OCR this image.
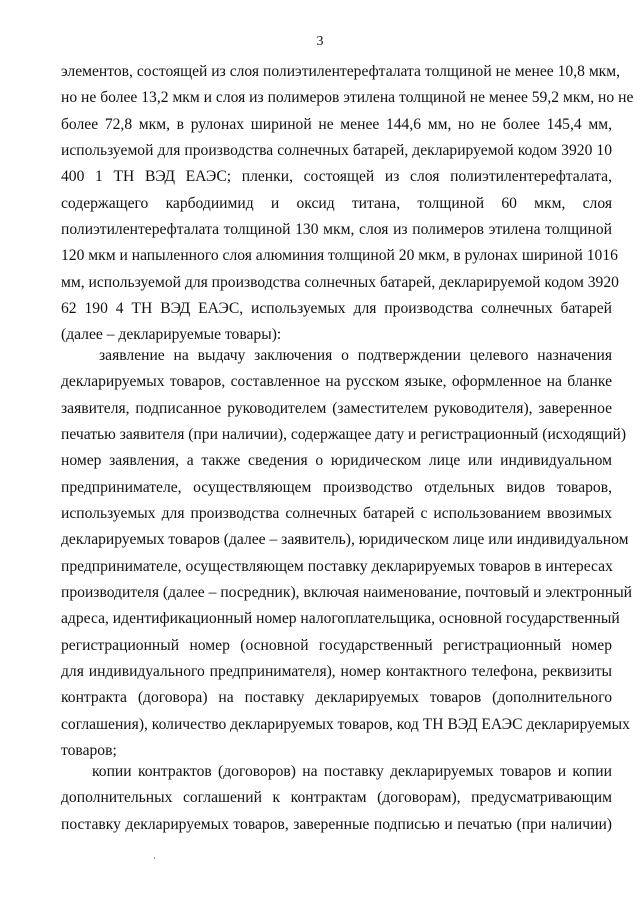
3
элементов, состоящей из слоя полиэтилентерефталата толщиной не менее 10,8 мкм,
но не более 13,2 мкм и слоя из полимеров этилена толщиной не менее 59,2 мкм, но не
более 72,8 мкм, в рулонах шириной не менее 144,6 мм, но не более 145,4 мм,
используемой для производства солнечных батарей, декларируемой кодом 3920 10
400 1 ТН ВЭД ЕАЭС; пленки, состоящей из слоя полиэтилентерефталата,
содержащего карбодиимид и оксид титана, толщиной 60 мкм, слоя
полиэтилентерефталата толщиной 130 мкм, слоя из полимеров этилена толщиной
120 мкм и напыленного слоя алюминия толщиной 20 мкм, в рулонах шириной 1016
мм, используемой для производства солнечных батарей, декларируемой кодом 3920
62 190 4 ТН ВЭД ЕАЭС, используемых для производства солнечных батарей
(далее – декларируемые товары):
заявление на выдачу заключения о подтверждении целевого назначения
декларируемых товаров, составленное на русском языке, оформленное на бланке
заявителя, подписанное руководителем (заместителем руководителя), заверенное
печатью заявителя (при наличии), содержащее дату и регистрационный (исходящий)
номер заявления, а также сведения о юридическом лице или индивидуальном
предпринимателе, осуществляющем производство отдельных видов товаров,
используемых для производства солнечных батарей с использованием ввозимых
декларируемых товаров (далее – заявитель), юридическом лице или индивидуальном
предпринимателе, осуществляющем поставку декларируемых товаров в интересах
производителя (далее – посредник), включая наименование, почтовый и электронный
адреса, идентификационный номер налогоплательщика, основной государственный
регистрационный номер (основной государственный регистрационный номер
для индивидуального предпринимателя), номер контактного телефона, реквизиты
контракта (договора) на поставку декларируемых товаров (дополнительного
соглашения), количество декларируемых товаров, код ТН ВЭД ЕАЭС декларируемых
товаров;
копии контрактов (договоров) на поставку декларируемых товаров и копии
дополнительных соглашений к контрактам (договорам), предусматривающим
поставку декларируемых товаров, заверенные подписью и печатью (при наличии)
